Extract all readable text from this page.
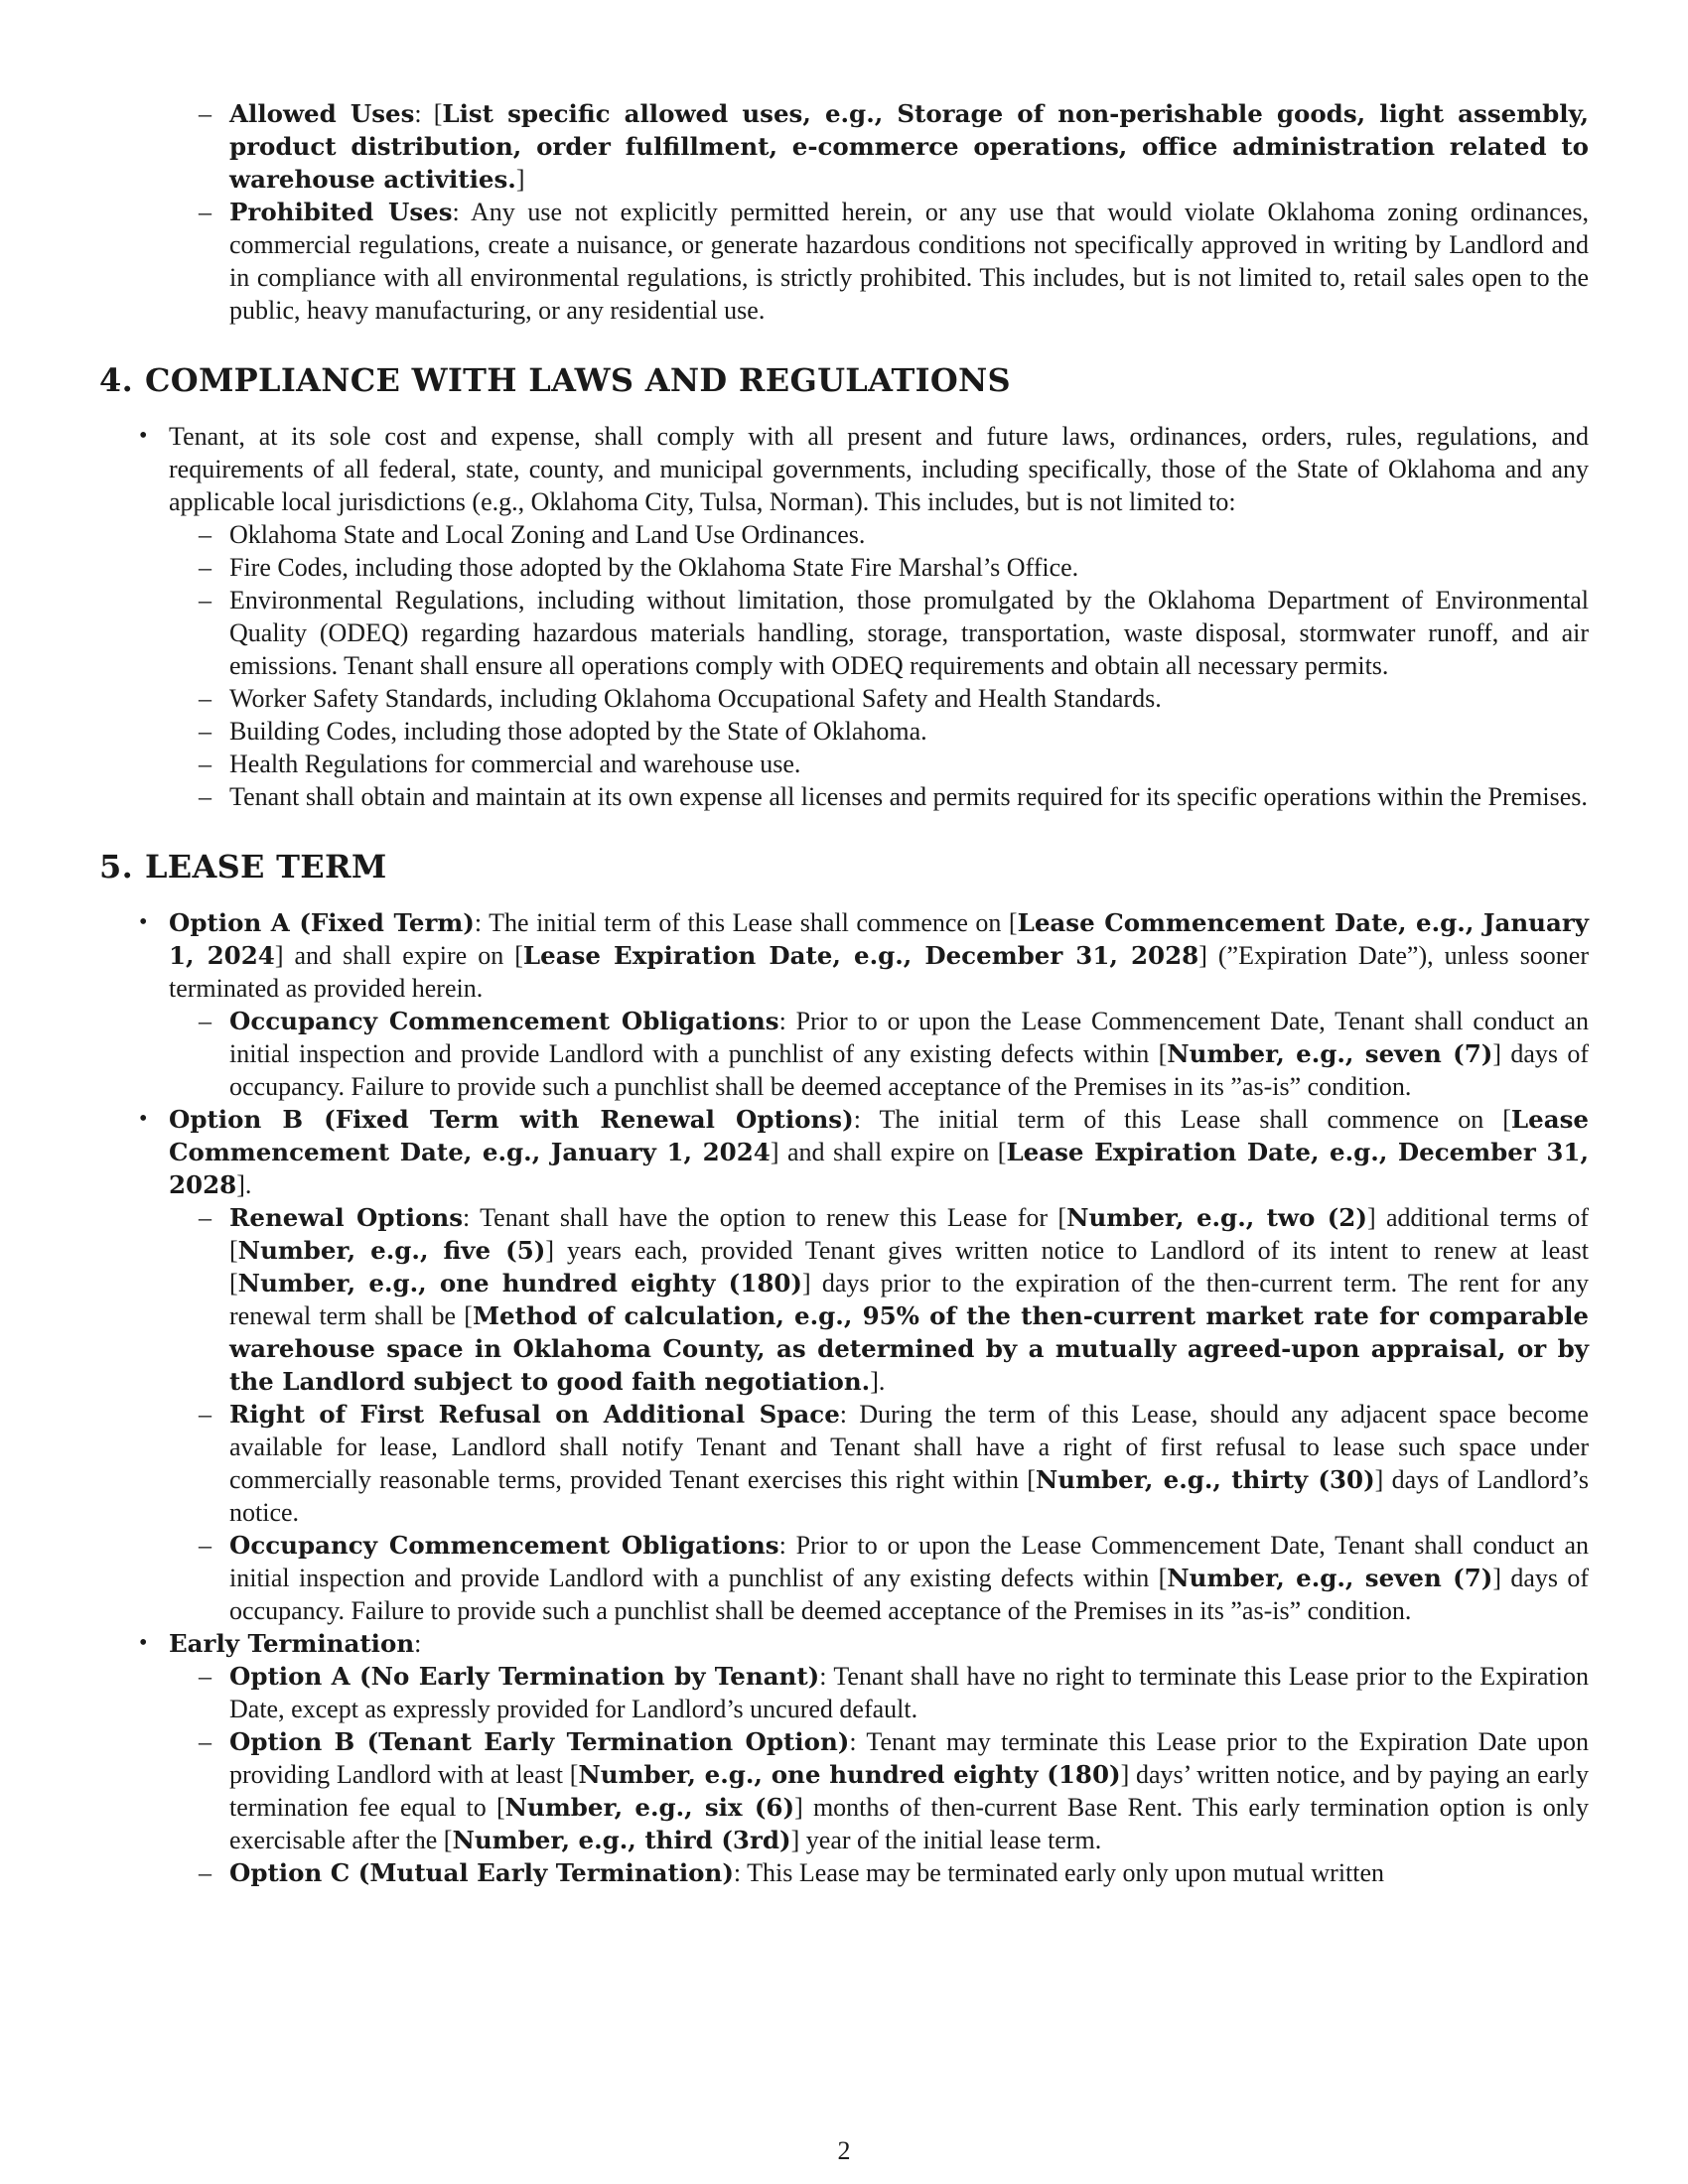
– Allowed Uses: [List specific allowed uses, e.g., Storage of non-perishable goods, light assembly, product distribution, order fulfillment, e-commerce operations, office administration related to warehouse activities.]
– Prohibited Uses: Any use not explicitly permitted herein, or any use that would violate Oklahoma zoning ordinances, commercial regulations, create a nuisance, or generate hazardous conditions not specifically approved in writing by Landlord and in compliance with all environmental regulations, is strictly prohibited. This includes, but is not limited to, retail sales open to the public, heavy manufacturing, or any residential use.
4. COMPLIANCE WITH LAWS AND REGULATIONS
• Tenant, at its sole cost and expense, shall comply with all present and future laws, ordinances, orders, rules, regulations, and requirements of all federal, state, county, and municipal governments, including specifically, those of the State of Oklahoma and any applicable local jurisdictions (e.g., Oklahoma City, Tulsa, Norman). This includes, but is not limited to:
– Oklahoma State and Local Zoning and Land Use Ordinances.
– Fire Codes, including those adopted by the Oklahoma State Fire Marshal’s Office.
– Environmental Regulations, including without limitation, those promulgated by the Oklahoma Department of Environmental Quality (ODEQ) regarding hazardous materials handling, storage, transportation, waste disposal, stormwater runoff, and air emissions. Tenant shall ensure all operations comply with ODEQ requirements and obtain all necessary permits.
– Worker Safety Standards, including Oklahoma Occupational Safety and Health Standards.
– Building Codes, including those adopted by the State of Oklahoma.
– Health Regulations for commercial and warehouse use.
– Tenant shall obtain and maintain at its own expense all licenses and permits required for its specific operations within the Premises.
5. LEASE TERM
• Option A (Fixed Term): The initial term of this Lease shall commence on [Lease Commencement Date, e.g., January 1, 2024] and shall expire on [Lease Expiration Date, e.g., December 31, 2028] (”Expiration Date”), unless sooner terminated as provided herein.
– Occupancy Commencement Obligations: Prior to or upon the Lease Commencement Date, Tenant shall conduct an initial inspection and provide Landlord with a punchlist of any existing defects within [Number, e.g., seven (7)] days of occupancy. Failure to provide such a punchlist shall be deemed acceptance of the Premises in its ”as-is” condition.
• Option B (Fixed Term with Renewal Options): The initial term of this Lease shall commence on [Lease Commencement Date, e.g., January 1, 2024] and shall expire on [Lease Expiration Date, e.g., December 31, 2028].
– Renewal Options: Tenant shall have the option to renew this Lease for [Number, e.g., two (2)] additional terms of [Number, e.g., five (5)] years each, provided Tenant gives written notice to Landlord of its intent to renew at least [Number, e.g., one hundred eighty (180)] days prior to the expiration of the then-current term. The rent for any renewal term shall be [Method of calculation, e.g., 95% of the then-current market rate for comparable warehouse space in Oklahoma County, as determined by a mutually agreed-upon appraisal, or by the Landlord subject to good faith negotiation.].
– Right of First Refusal on Additional Space: During the term of this Lease, should any adjacent space become available for lease, Landlord shall notify Tenant and Tenant shall have a right of first refusal to lease such space under commercially reasonable terms, provided Tenant exercises this right within [Number, e.g., thirty (30)] days of Landlord’s notice.
– Occupancy Commencement Obligations: Prior to or upon the Lease Commencement Date, Tenant shall conduct an initial inspection and provide Landlord with a punchlist of any existing defects within [Number, e.g., seven (7)] days of occupancy. Failure to provide such a punchlist shall be deemed acceptance of the Premises in its ”as-is” condition.
• Early Termination:
– Option A (No Early Termination by Tenant): Tenant shall have no right to terminate this Lease prior to the Expiration Date, except as expressly provided for Landlord’s uncured default.
– Option B (Tenant Early Termination Option): Tenant may terminate this Lease prior to the Expiration Date upon providing Landlord with at least [Number, e.g., one hundred eighty (180)] days’ written notice, and by paying an early termination fee equal to [Number, e.g., six (6)] months of then-current Base Rent. This early termination option is only exercisable after the [Number, e.g., third (3rd)] year of the initial lease term.
– Option C (Mutual Early Termination): This Lease may be terminated early only upon mutual written
2
